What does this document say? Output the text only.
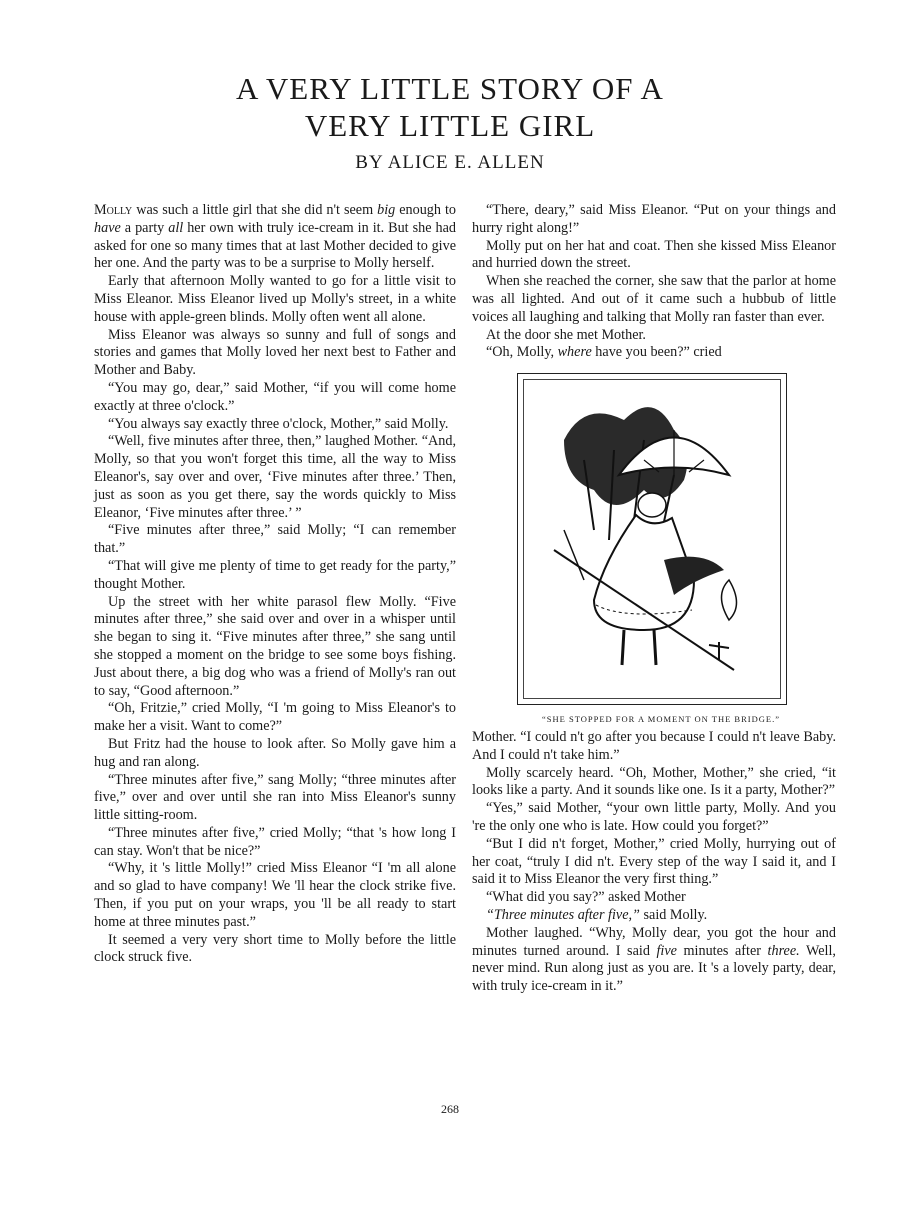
A VERY LITTLE STORY OF A
VERY LITTLE GIRL
BY ALICE E. ALLEN

Molly was such a little girl that she did n't seem big enough to have a party all her own with truly ice-cream in it. But she had asked for one so many times that at last Mother decided to give her one. And the party was to be a surprise to Molly herself.

Early that afternoon Molly wanted to go for a little visit to Miss Eleanor. Miss Eleanor lived up Molly's street, in a white house with apple-green blinds. Molly often went all alone.

Miss Eleanor was always so sunny and full of songs and stories and games that Molly loved her next best to Father and Mother and Baby.

“You may go, dear,” said Mother, “if you will come home exactly at three o'clock.”

“You always say exactly three o'clock, Mother,” said Molly.

“Well, five minutes after three, then,” laughed Mother. “And, Molly, so that you won't forget this time, all the way to Miss Eleanor's, say over and over, ‘Five minutes after three.’ Then, just as soon as you get there, say the words quickly to Miss Eleanor, ‘Five minutes after three.’ ”

“Five minutes after three,” said Molly; “I can remember that.”

“That will give me plenty of time to get ready for the party,” thought Mother.

Up the street with her white parasol flew Molly. “Five minutes after three,” she said over and over in a whisper until she began to sing it. “Five minutes after three,” she sang until she stopped a moment on the bridge to see some boys fishing. Just about there, a big dog who was a friend of Molly's ran out to say, “Good afternoon.”

“Oh, Fritzie,” cried Molly, “I 'm going to Miss Eleanor's to make her a visit. Want to come?”

But Fritz had the house to look after. So Molly gave him a hug and ran along.

“Three minutes after five,” sang Molly; “three minutes after five,” over and over until she ran into Miss Eleanor's sunny little sitting-room.

“Three minutes after five,” cried Molly; “that 's how long I can stay. Won't that be nice?”

“Why, it 's little Molly!” cried Miss Eleanor “I 'm all alone and so glad to have company! We 'll hear the clock strike five. Then, if you put on your wraps, you 'll be all ready to start home at three minutes past.”

It seemed a very very short time to Molly before the little clock struck five.

“There, deary,” said Miss Eleanor. “Put on your things and hurry right along!”

Molly put on her hat and coat. Then she kissed Miss Eleanor and hurried down the street.

When she reached the corner, she saw that the parlor at home was all lighted. And out of it came such a hubbub of little voices all laughing and talking that Molly ran faster than ever.

At the door she met Mother.

“Oh, Molly, where have you been?” cried

“SHE STOPPED FOR A MOMENT ON THE BRIDGE.”

Mother. “I could n't go after you because I could n't leave Baby. And I could n't take him.”

Molly scarcely heard. “Oh, Mother, Mother,” she cried, “it looks like a party. And it sounds like one. Is it a party, Mother?”

“Yes,” said Mother, “your own little party, Molly. And you 're the only one who is late. How could you forget?”

“But I did n't forget, Mother,” cried Molly, hurrying out of her coat, “truly I did n't. Every step of the way I said it, and I said it to Miss Eleanor the very first thing.”

“What did you say?” asked Mother

“Three minutes after five,” said Molly.

Mother laughed. “Why, Molly dear, you got the hour and minutes turned around. I said five minutes after three. Well, never mind. Run along just as you are. It 's a lovely party, dear, with truly ice-cream in it.”

268
